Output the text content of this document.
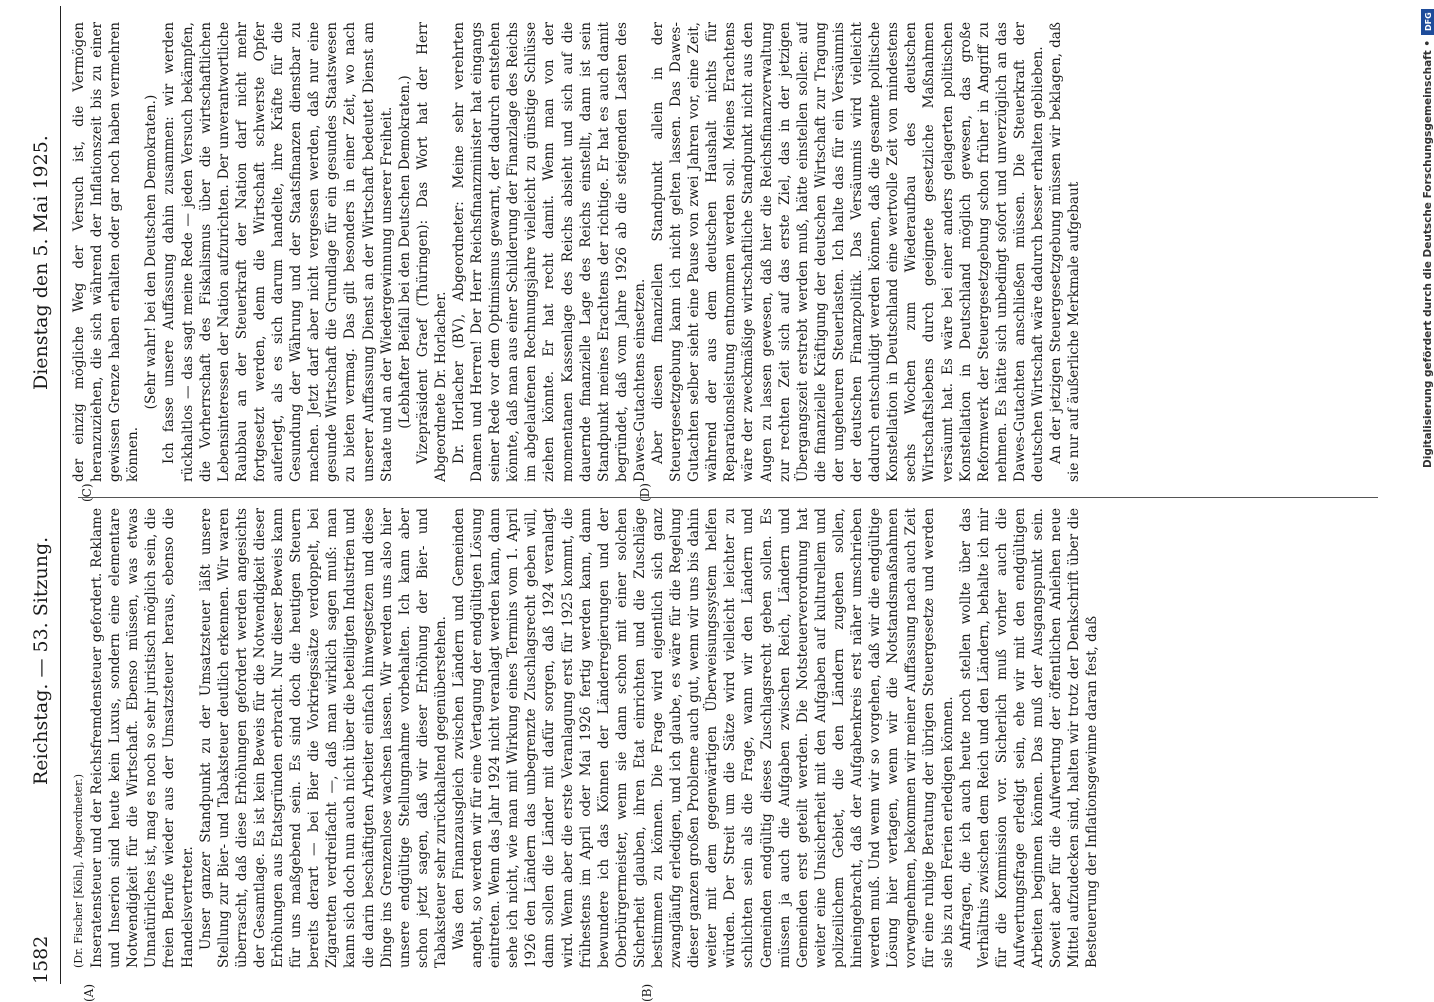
1582
Reichstag. — 53. Sitzung.
Dienstag den 5. Mai 1925.
(A)	(B)
(C)	(D)

(Dr. Fischer [Köln], Abgeordneter.) Inseratensteuer und der Reichsfremdensteuer gefordert. Reklame und Inserion sind heute kein Luxus, sondern eine elementare Notwendigkeit für die Wirtschaft. Ebenso müssen, was etwas Unnatürliches ist, mag es noch so sehr juristisch möglich sein, die freien Berufe wieder aus der Umsatzsteuer heraus, ebenso die Handelsvertreter. Unser ganzer Standpunkt zu der Umsatzsteuer läßt unsere Stellung zur Bier- und Tabaksteuer deutlich erkennen. Wir waren überrascht, daß diese Erhöhungen gefordert werden angesichts der Gesamtlage. Es ist kein Beweis für die Notwendigkeit dieser Erhöhungen aus Etatsgründen erbracht. Nur dieser Beweis kann für uns maßgebend sein. Es sind doch die heutigen Steuern bereits derart — bei Bier die Vorkriegssätze verdoppelt, bei Zigaretten verdreifacht —, daß man wirklich sagen muß: man kann sich doch nun auch nicht über die beteiligten Industrien und die darin beschäftigten Arbeiter einfach hinwegsetzen und diese Dinge ins Grenzenlose wachsen lassen. Wir werden uns also hier unsere endgültige Stellungnahme vorbehalten. Ich kann aber schon jetzt sagen, daß wir dieser Erhöhung der Bier- und Tabaksteuer sehr zurückhaltend gegenüberstehen. Was den Finanzausgleich zwischen Ländern und Gemeinden angeht, so werden wir für eine Vertagung der endgültigen Lösung eintreten. Wenn das Jahr 1924 nicht veranlagt werden kann, dann sehe ich nicht, wie man mit Wirkung eines Termins vom 1. April 1926 den Ländern das unbegrenzte Zuschlagsrecht geben will, dann sollen die Länder mit dafür sorgen, daß 1924 veranlagt wird. Wenn aber die erste Veranlagung erst für 1925 kommt, die frühestens im April oder Mai 1926 fertig werden kann, dann bewundere ich das Können der Länderregierungen und der Oberbürgermeister, wenn sie dann schon mit einer solchen Sicherheit glauben, ihren Etat einrichten und die Zuschläge bestimmen zu können. Die Frage wird eigentlich sich ganz zwangläufig erledigen, und ich glaube, es wäre für die Regelung dieser ganzen großen Probleme auch gut, wenn wir uns bis dahin weiter mit dem gegenwärtigen Überweisungssystem helfen würden. Der Streit um die Sätze wird vielleicht leichter zu schlichten sein als die Frage, wann wir den Ländern und Gemeinden endgültig dieses Zuschlagsrecht geben sollen. Es müssen ja auch die Aufgaben zwischen Reich, Ländern und Gemeinden erst geteilt werden. Die Notsteuerverordnung hat weiter eine Unsicherheit mit den Aufgaben auf kulturellem und polizeilichem Gebiet, die den Ländern zugehen sollen, hineingebracht, daß der Aufgabenkreis erst näher umschrieben werden muß. Und wenn wir so vorgehen, daß wir die endgültige Lösung hier vertagen, wenn wir die Notstandsmaßnahmen vorwegnehmen, bekommen wir meiner Auffassung nach auch Zeit für eine ruhige Beratung der übrigen Steuergesetze und werden sie bis zu den Ferien erledigen können. Anfragen, die ich auch heute noch stellen wollte über das Verhältnis zwischen dem Reich und den Ländern, behalte ich mir für die Kommission vor. Sicherlich muß vorher auch die Aufwertungsfrage erledigt sein, ehe wir mit den endgültigen Arbeiten beginnen können. Das muß der Ausgangspunkt sein. Soweit aber für die Aufwertung der öffentlichen Anleihen neue Mittel aufzudecken sind, halten wir trotz der Denkschrift über die Besteuerung der Inflationsgewinne daran fest, daß

der einzig mögliche Weg der Versuch ist, die Vermögen heranzuziehen, die sich während der Inflationszeit bis zu einer gewissen Grenze haben erhalten oder gar noch haben vermehren können.

(Sehr wahr! bei den Deutschen Demokraten.) Ich fasse unsere Auffassung dahin zusammen: wir werden rückhaltlos — das sagt meine Rede — jeden Versuch bekämpfen, die Vorherrschaft des Fiskalismus über die wirtschaftlichen Lebensinteressen der Nation aufzurichten. Der unverantwortliche Raubbau an der Steuerkraft der Nation darf nicht mehr fortgesetzt werden, denn die Wirtschaft schwerste Opfer auferlegt, als es sich darum handelte, ihre Kräfte für die Gesundung der Währung und der Staatsfinanzen dienstbar zu machen. Jetzt darf aber nicht vergessen werden, daß nur eine gesunde Wirtschaft die Grundlage für ein gesundes Staatswesen zu bieten vermag. Das gilt besonders in einer Zeit, wo nach unserer Auffassung Dienst an der Wirtschaft bedeutet Dienst am Staate und an der Wiedergewinnung unserer Freiheit. (Lebhafter Beifall bei den Deutschen Demokraten.) Vizepräsident Graef (Thüringen): Das Wort hat der Herr Abgeordnete Dr. Horlacher. Dr. Horlacher (BV), Abgeordneter: Meine sehr verehrten Damen und Herren! Der Herr Reichsfinanzminister hat eingangs seiner Rede vor dem Optimismus gewarnt, der dadurch entstehen könnte, daß man aus einer Schilderung der Finanzlage des Reichs im abgelaufenen Rechnungsjahre vielleicht zu günstige Schlüsse ziehen könnte. Er hat recht damit. Wenn man von der momentanen Kassenlage des Reichs absieht und sich auf die dauernde finanzielle Lage des Reichs einstellt, dann ist sein Standpunkt meines Erachtens der richtige. Er hat es auch damit begründet, daß vom Jahre 1926 ab die steigenden Lasten des Dawes-Gutachtens einsetzen. Aber diesen finanziellen Standpunkt allein in der Steuergesetzgebung kann ich nicht gelten lassen. Das Dawes-Gutachten selber sieht eine Pause von zwei Jahren vor, eine Zeit, während der aus dem deutschen Haushalt nichts für Reparationsleistung entnommen werden soll. Meines Erachtens wäre der zweckmäßige wirtschaftliche Standpunkt nicht aus den Augen zu lassen gewesen, daß hier die Reichsfinanzverwaltung zur rechten Zeit sich auf das erste Ziel, das in der jetzigen Übergangszeit erstrebt werden muß, hätte einstellen sollen: auf die finanzielle Kräftigung der deutschen Wirtschaft zur Tragung der ungeheuren Steuerlasten. Ich halte das für ein Versäumnis der deutschen Finanzpolitik. Das Versäumnis wird vielleicht dadurch entschuldigt werden können, daß die gesamte politische Konstellation in Deutschland eine wertvolle Zeit von mindestens sechs Wochen zum Wiederaufbau des deutschen Wirtschaftslebens durch geeignete gesetzliche Maßnahmen versäumt hat. Es wäre bei einer anders gelagerten politischen Konstellation in Deutschland möglich gewesen, das große Reformwerk der Steuergesetzgebung schon früher in Angriff zu nehmen. Es hätte sich unbedingt sofort und unverzüglich an das Dawes-Gutachten anschließen müssen. Die Steuerkraft der deutschen Wirtschaft wäre dadurch besser erhalten geblieben. An der jetzigen Steuergesetzgebung müssen wir beklagen, daß sie nur auf äußerliche Merkmale aufgebaut

DFG
Digitalisierung gefördert durch die Deutsche Forschungsgemeinschaft •
